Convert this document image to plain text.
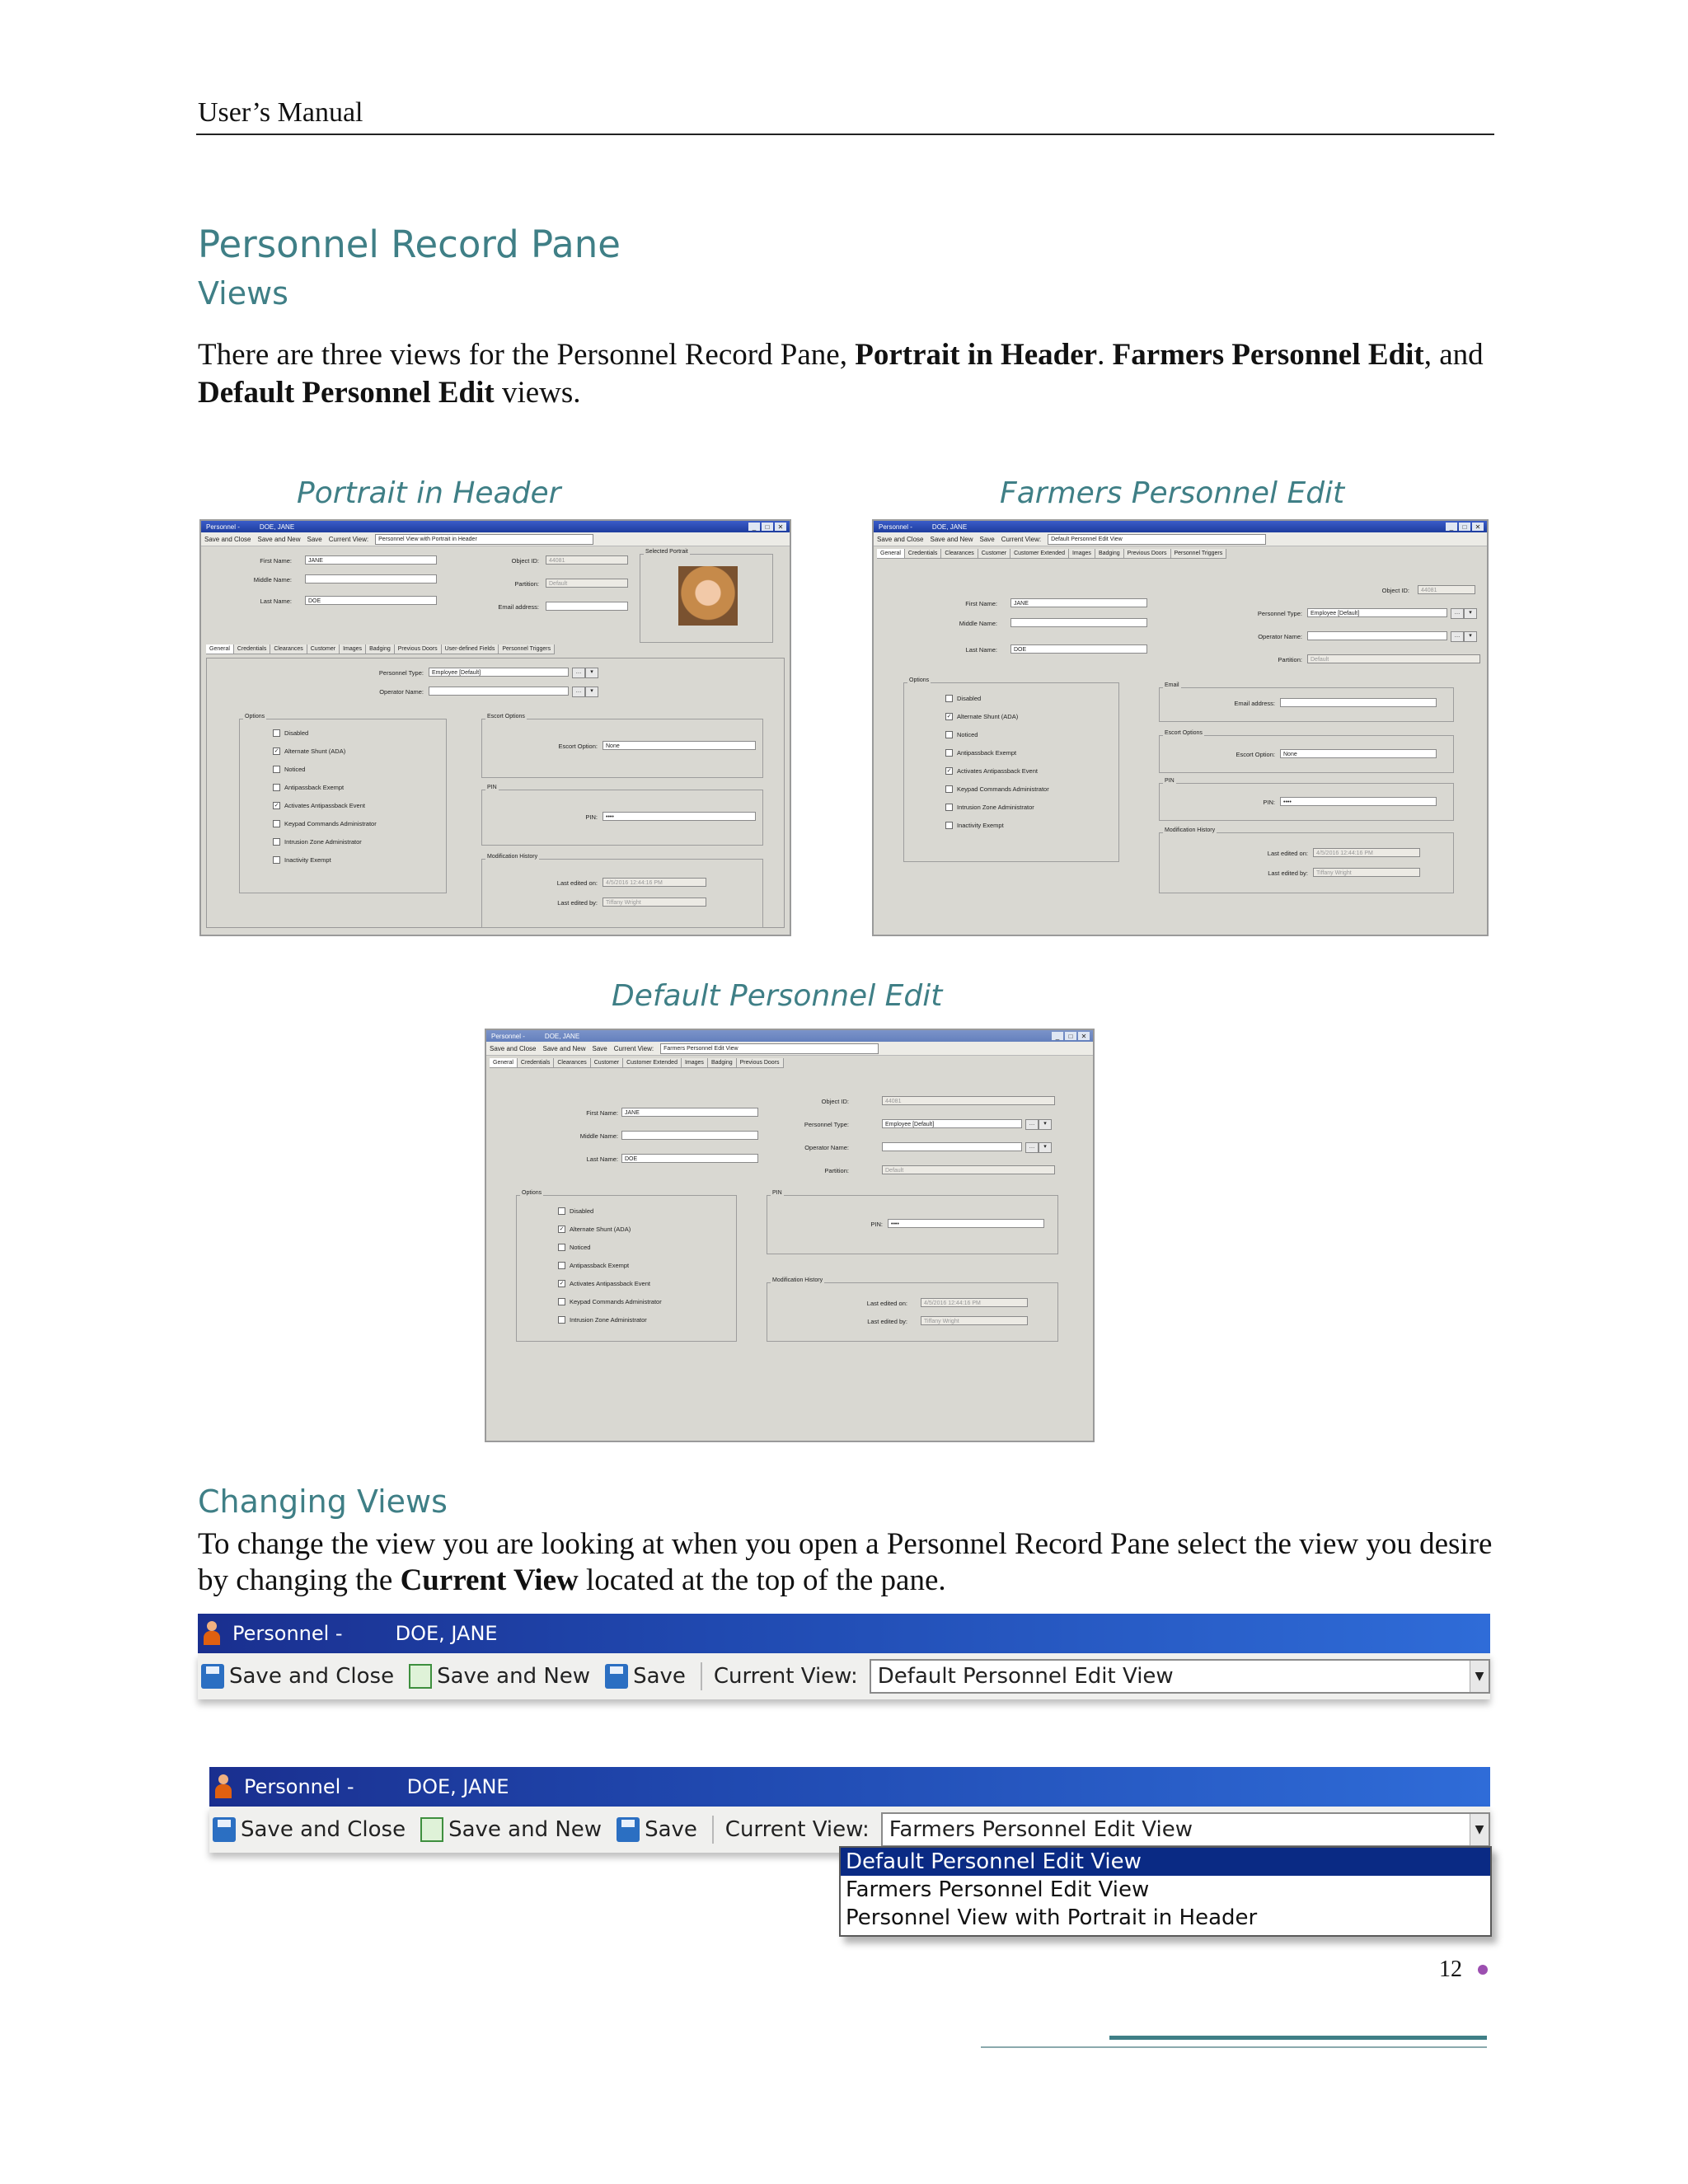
User’s Manual
Personnel Record Pane
Views
There are three views for the Personnel Record Pane, Portrait in Header. Farmers Personnel Edit, and Default Personnel Edit views.
Portrait in Header	Farmers Personnel Edit
Default Personnel Edit
Personnel -	DOE, JANE	_	□	✕
Save and Close Save and New Save Current View:	Personnel View with Portrait in Header
First Name:	JANE
Middle Name:
Last Name:	DOE
Object ID:	44081
Partition:	Default
Email address:
Selected Portrait
General	Credentials	Clearances	Customer	Images	Badging	Previous Doors	User-defined Fields	Personnel Triggers
Personnel Type:	Employee [Default]	…	▾
Operator Name:	…	▾
Options
Disabled
✓ Alternate Shunt (ADA)
Noticed
Antipassback Exempt
✓ Activates Antipassback Event
Keypad Commands Administrator
Intrusion Zone Administrator
Inactivity Exempt
Escort Options
Escort Option:	None
PIN
PIN:	••••
Modification History
Last edited on:	4/5/2016 12:44:16 PM
Last edited by:	Tiffany Wright
Personnel -	DOE, JANE	_	□	✕
Save and Close Save and New Save Current View:	Default Personnel Edit View
General	Credentials	Clearances	Customer	Customer Extended	Images	Badging	Previous Doors	Personnel Triggers
Object ID:	44081
First Name:	JANE
Personnel Type:	Employee [Default]	…	▾
Middle Name:
Operator Name:	…	▾
Last Name:	DOE
Partition:	Default
Options
Disabled
✓ Alternate Shunt (ADA)
Noticed
Antipassback Exempt
✓ Activates Antipassback Event
Keypad Commands Administrator
Intrusion Zone Administrator
Inactivity Exempt
Email
Email address:
Escort Options
Escort Option:	None
PIN
PIN:	••••
Modification History
Last edited on:	4/5/2016 12:44:16 PM
Last edited by:	Tiffany Wright
Personnel -	DOE, JANE	_	□	✕
Save and Close Save and New Save Current View:	Farmers Personnel Edit View
General	Credentials	Clearances	Customer	Customer Extended	Images	Badging	Previous Doors
Object ID:	44081
First Name:	JANE
Personnel Type:	Employee [Default]	…	▾
Middle Name:
Operator Name:	…	▾
Last Name:	DOE
Partition:	Default
Options
Disabled
✓ Alternate Shunt (ADA)
Noticed
Antipassback Exempt
✓ Activates Antipassback Event
Keypad Commands Administrator
Intrusion Zone Administrator
PIN
PIN:	••••
Modification History
Last edited on:	4/5/2016 12:44:16 PM
Last edited by:	Tiffany Wright
Changing Views
To change the view you are looking at when you open a Personnel Record Pane select the view you desire by changing the Current View located at the top of the pane.
Personnel -	DOE, JANE
Save and Close Save and New Save Current View: Default Personnel Edit View	▼
Personnel -	DOE, JANE
Save and Close Save and New Save Current View: Farmers Personnel Edit View	▼
Default Personnel Edit View
Farmers Personnel Edit View
Personnel View with Portrait in Header
12
